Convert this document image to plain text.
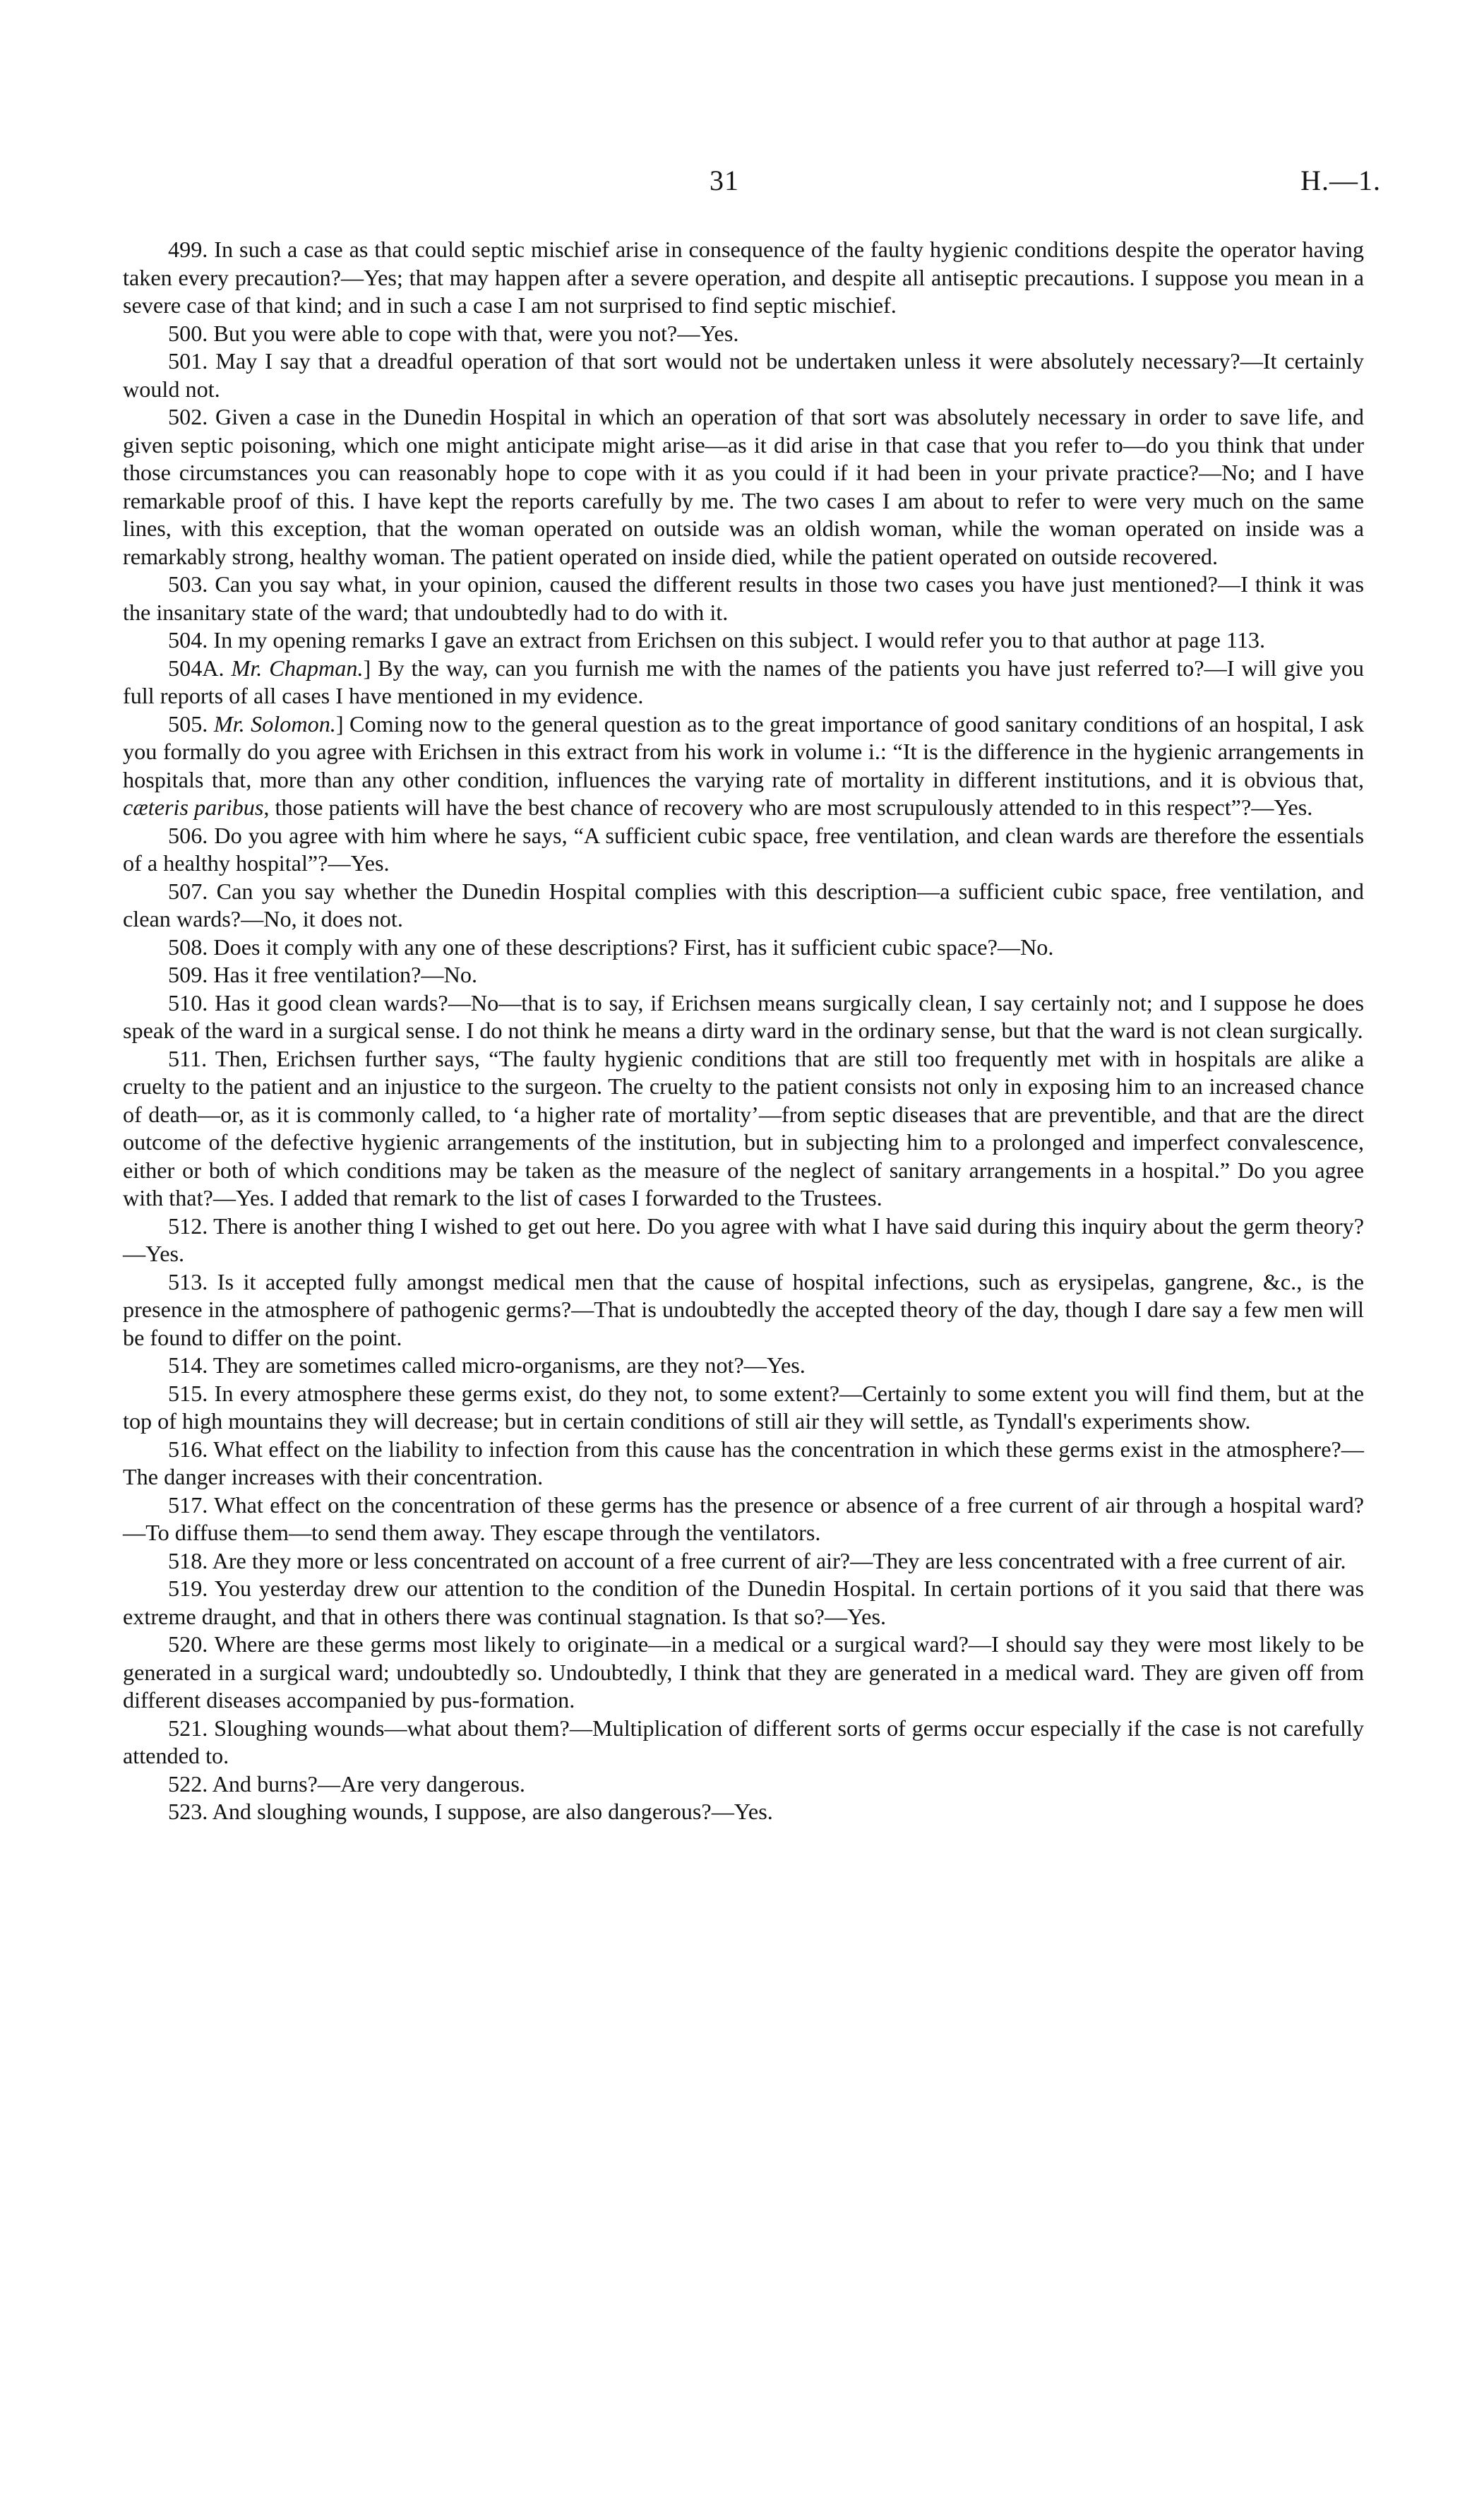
31	H.—1.

499. In such a case as that could septic mischief arise in consequence of the faulty hygienic conditions despite the operator having taken every precaution?—Yes; that may happen after a severe operation, and despite all antiseptic precautions. I suppose you mean in a severe case of that kind; and in such a case I am not surprised to find septic mischief.

500. But you were able to cope with that, were you not?—Yes.

501. May I say that a dreadful operation of that sort would not be undertaken unless it were absolutely necessary?—It certainly would not.

502. Given a case in the Dunedin Hospital in which an operation of that sort was absolutely necessary in order to save life, and given septic poisoning, which one might anticipate might arise—as it did arise in that case that you refer to—do you think that under those circumstances you can reasonably hope to cope with it as you could if it had been in your private practice?—No; and I have remarkable proof of this. I have kept the reports carefully by me. The two cases I am about to refer to were very much on the same lines, with this exception, that the woman operated on outside was an oldish woman, while the woman operated on inside was a remarkably strong, healthy woman. The patient operated on inside died, while the patient operated on outside recovered.

503. Can you say what, in your opinion, caused the different results in those two cases you have just mentioned?—I think it was the insanitary state of the ward; that undoubtedly had to do with it.

504. In my opening remarks I gave an extract from Erichsen on this subject. I would refer you to that author at page 113.

504A. Mr. Chapman.] By the way, can you furnish me with the names of the patients you have just referred to?—I will give you full reports of all cases I have mentioned in my evidence.

505. Mr. Solomon.] Coming now to the general question as to the great importance of good sanitary conditions of an hospital, I ask you formally do you agree with Erichsen in this extract from his work in volume i.: “It is the difference in the hygienic arrangements in hospitals that, more than any other condition, influences the varying rate of mortality in different institutions, and it is obvious that, cæteris paribus, those patients will have the best chance of recovery who are most scrupulously attended to in this respect”?—Yes.

506. Do you agree with him where he says, “A sufficient cubic space, free ventilation, and clean wards are therefore the essentials of a healthy hospital”?—Yes.

507. Can you say whether the Dunedin Hospital complies with this description—a sufficient cubic space, free ventilation, and clean wards?—No, it does not.

508. Does it comply with any one of these descriptions? First, has it sufficient cubic space?—No.

509. Has it free ventilation?—No.

510. Has it good clean wards?—No—that is to say, if Erichsen means surgically clean, I say certainly not; and I suppose he does speak of the ward in a surgical sense. I do not think he means a dirty ward in the ordinary sense, but that the ward is not clean surgically.

511. Then, Erichsen further says, “The faulty hygienic conditions that are still too frequently met with in hospitals are alike a cruelty to the patient and an injustice to the surgeon. The cruelty to the patient consists not only in exposing him to an increased chance of death—or, as it is commonly called, to ‘a higher rate of mortality’—from septic diseases that are preventible, and that are the direct outcome of the defective hygienic arrangements of the institution, but in subjecting him to a prolonged and imperfect convalescence, either or both of which conditions may be taken as the measure of the neglect of sanitary arrangements in a hospital.” Do you agree with that?—Yes. I added that remark to the list of cases I forwarded to the Trustees.

512. There is another thing I wished to get out here. Do you agree with what I have said during this inquiry about the germ theory?—Yes.

513. Is it accepted fully amongst medical men that the cause of hospital infections, such as erysipelas, gangrene, &c., is the presence in the atmosphere of pathogenic germs?—That is undoubtedly the accepted theory of the day, though I dare say a few men will be found to differ on the point.

514. They are sometimes called micro-organisms, are they not?—Yes.

515. In every atmosphere these germs exist, do they not, to some extent?—Certainly to some extent you will find them, but at the top of high mountains they will decrease; but in certain conditions of still air they will settle, as Tyndall's experiments show.

516. What effect on the liability to infection from this cause has the concentration in which these germs exist in the atmosphere?—The danger increases with their concentration.

517. What effect on the concentration of these germs has the presence or absence of a free current of air through a hospital ward?—To diffuse them—to send them away. They escape through the ventilators.

518. Are they more or less concentrated on account of a free current of air?—They are less concentrated with a free current of air.

519. You yesterday drew our attention to the condition of the Dunedin Hospital. In certain portions of it you said that there was extreme draught, and that in others there was continual stagnation. Is that so?—Yes.

520. Where are these germs most likely to originate—in a medical or a surgical ward?—I should say they were most likely to be generated in a surgical ward; undoubtedly so. Undoubtedly, I think that they are generated in a medical ward. They are given off from different diseases accompanied by pus-formation.

521. Sloughing wounds—what about them?—Multiplication of different sorts of germs occur especially if the case is not carefully attended to.

522. And burns?—Are very dangerous.

523. And sloughing wounds, I suppose, are also dangerous?—Yes.
